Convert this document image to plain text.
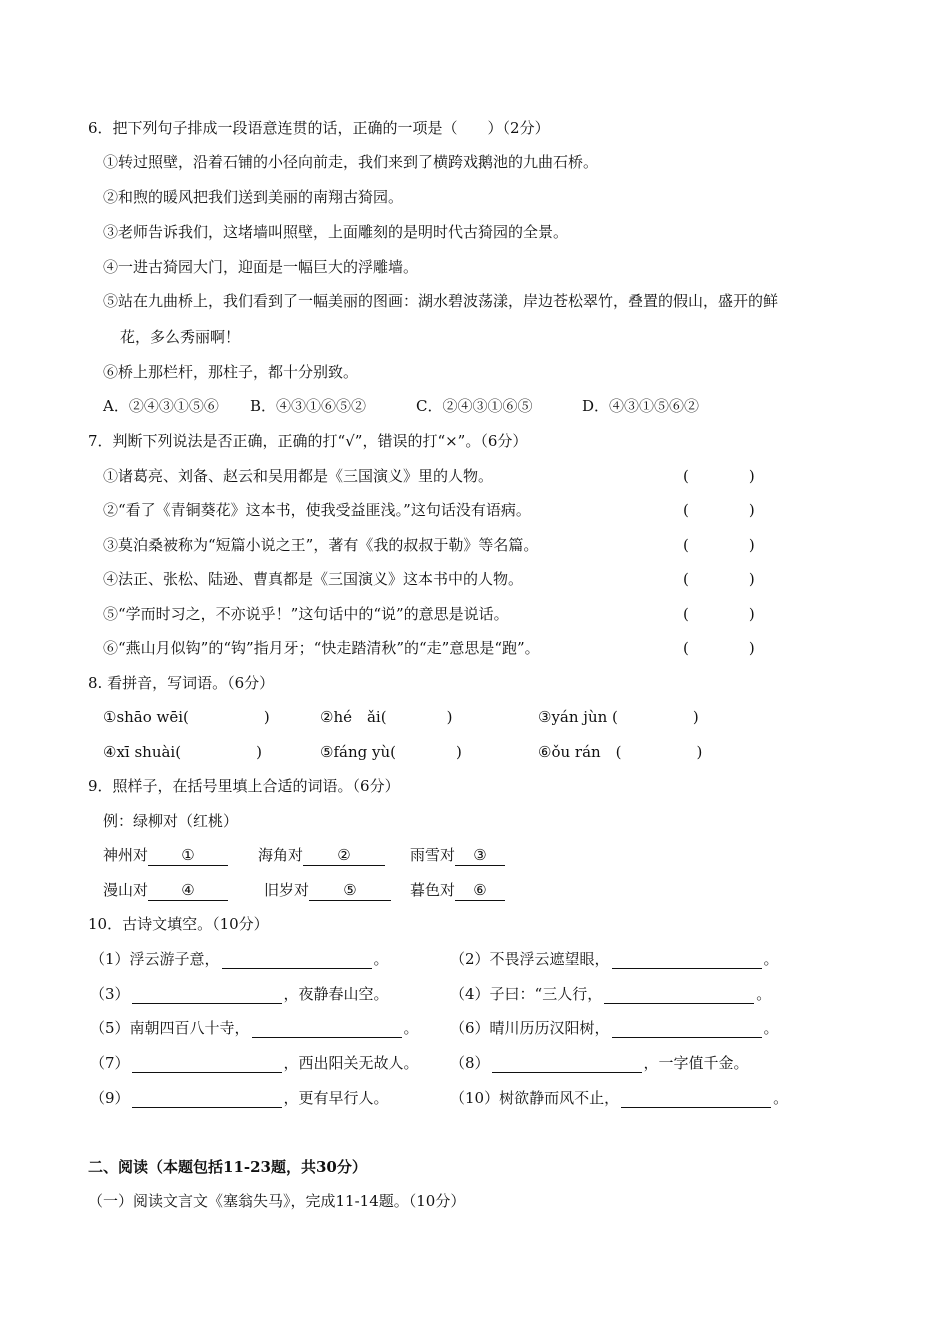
6．把下列句子排成一段语意连贯的话，正确的一项是（　　）（2分）
①转过照壁，沿着石铺的小径向前走，我们来到了横跨戏鹅池的九曲石桥。
②和煦的暖风把我们送到美丽的南翔古猗园。
③老师告诉我们，这堵墙叫照壁，上面雕刻的是明时代古猗园的全景。
④一进古猗园大门，迎面是一幅巨大的浮雕墙。
⑤站在九曲桥上，我们看到了一幅美丽的图画：湖水碧波荡漾，岸边苍松翠竹，叠置的假山，盛开的鲜
花，多么秀丽啊！
⑥桥上那栏杆，那柱子，都十分别致。
A．②④③①⑤⑥ B．④③①⑥⑤②	C．②④③①⑥⑤	D．④③①⑤⑥②
7．判断下列说法是否正确，正确的打“√”，错误的打“×”。（6分）
①诸葛亮、刘备、赵云和吴用都是《三国演义》里的人物。	(　　　　)
②“看了《青铜葵花》这本书，使我受益匪浅。”这句话没有语病。	(　　　　)
③莫泊桑被称为“短篇小说之王”，著有《我的叔叔于勒》等名篇。	(　　　　)
④法正、张松、陆逊、曹真都是《三国演义》这本书中的人物。	(　　　　)
⑤“学而时习之，不亦说乎！”这句话中的“说”的意思是说话。	(　　　　)
⑥“燕山月似钩”的“钩”指月牙；“快走踏清秋”的“走”意思是“跑”。	(　　　　)
8. 看拼音，写词语。（6分）
①shāo wēi(　　　　　)	②hé　ǎi(　　　　)	③yán jùn (　　　　　)
④xī shuài(　　　　　)	⑤fáng yù(　　　　)	⑥ǒu rán　(　　　　　)
9．照样子，在括号里填上合适的词语。（6分）
例：绿柳对（红桃）
神州对 ①	海角对 ②	雨雪对 ③
漫山对 ④	旧岁对 ⑤	暮色对 ⑥
10．古诗文填空。（10分）
（1）浮云游子意，	。	（2）不畏浮云遮望眼，	。
（3）	，夜静春山空。	（4）子曰：“三人行，	。
（5）南朝四百八十寺，	。 （6）晴川历历汉阳树，	。
（7）	，西出阳关无故人。 （8）	，一字值千金。
（9）	，更有早行人。	（10）树欲静而风不止，	。
二、阅读（本题包括11-23题，共30分）
（一）阅读文言文《塞翁失马》，完成11-14题。（10分）
